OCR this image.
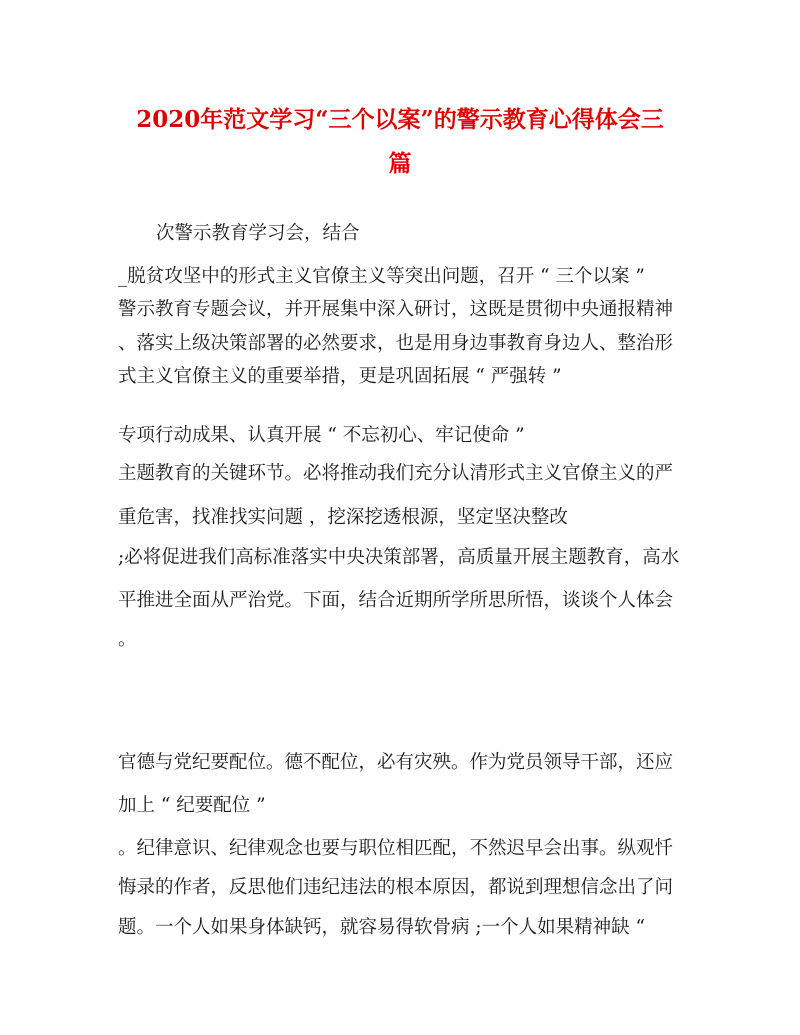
2020年范文学习“三个以案”的警示教育心得体会三
篇

次警示教育学习会，结合

_脱贫攻坚中的形式主义官僚主义等突出问题，召开 “ 三个以案 ”

警示教育专题会议，并开展集中深入研讨，这既是贯彻中央通报精神

、落实上级决策部署的必然要求，也是用身边事教育身边人、整治形

式主义官僚主义的重要举措，更是巩固拓展 “ 严强转 ”

专项行动成果、认真开展 “ 不忘初心、牢记使命 ”

主题教育的关键环节。必将推动我们充分认清形式主义官僚主义的严

重危害，找准找实问题 ，挖深挖透根源，坚定坚决整改

;必将促进我们高标准落实中央决策部署，高质量开展主题教育，高水

平推进全面从严治党。下面，结合近期所学所思所悟，谈谈个人体会

。

官德与党纪要配位。德不配位，必有灾殃。作为党员领导干部，还应

加上 “ 纪要配位 ”

。纪律意识、纪律观念也要与职位相匹配，不然迟早会出事。纵观忏

悔录的作者，反思他们违纪违法的根本原因，都说到理想信念出了问

题。一个人如果身体缺钙，就容易得软骨病 ;一个人如果精神缺 “
